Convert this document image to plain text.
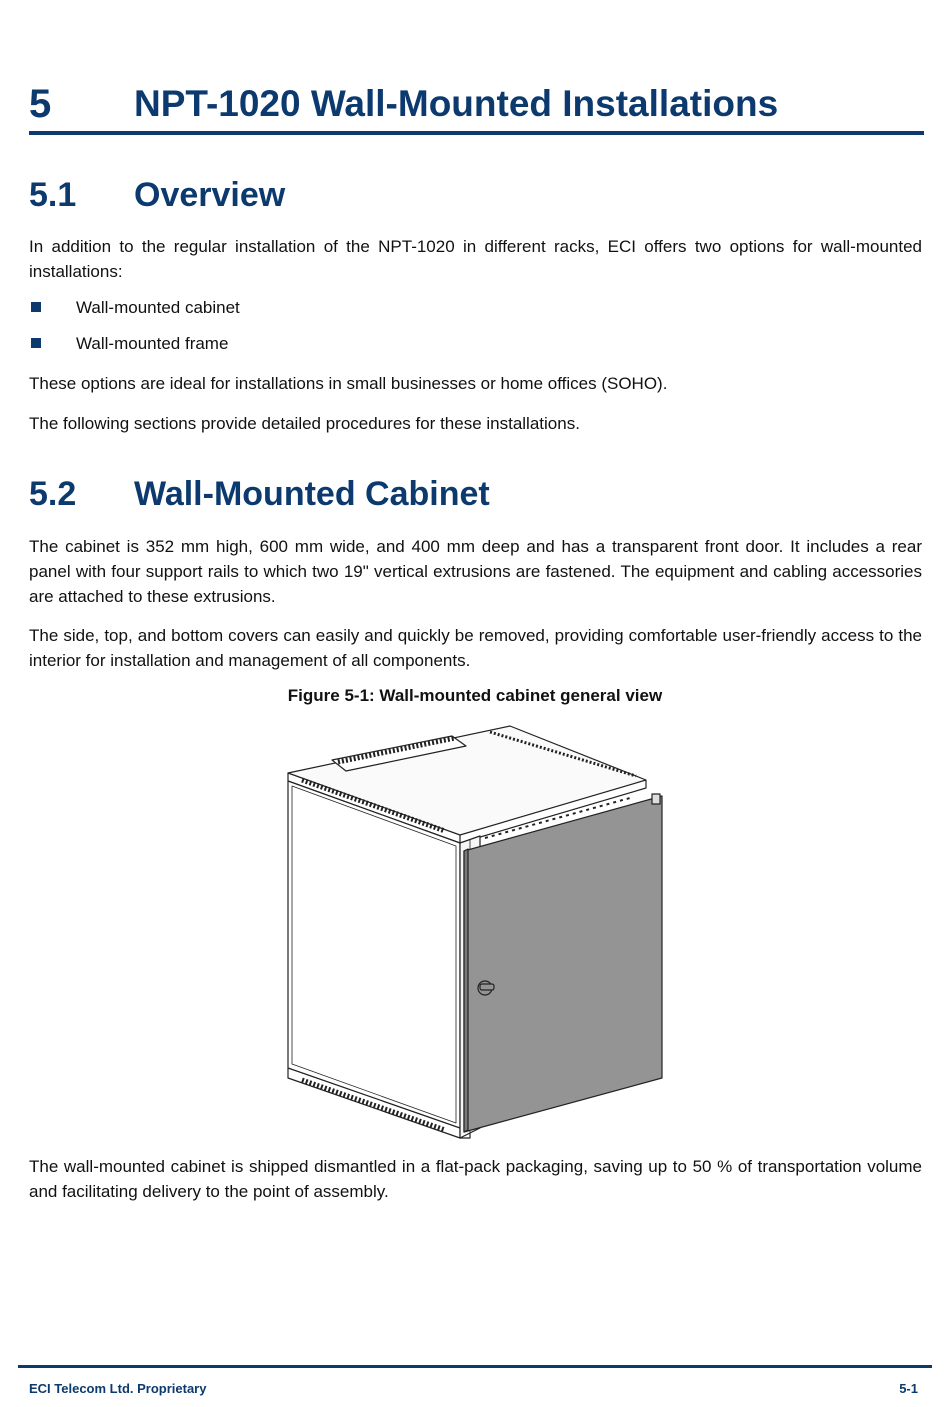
5 NPT-1020 Wall-Mounted Installations
5.1 Overview
In addition to the regular installation of the NPT-1020 in different racks, ECI offers two options for wall-mounted installations:
Wall-mounted cabinet
Wall-mounted frame
These options are ideal for installations in small businesses or home offices (SOHO).
The following sections provide detailed procedures for these installations.
5.2 Wall-Mounted Cabinet
The cabinet is 352 mm high, 600 mm wide, and 400 mm deep and has a transparent front door. It includes a rear panel with four support rails to which two 19" vertical extrusions are fastened. The equipment and cabling accessories are attached to these extrusions.
The side, top, and bottom covers can easily and quickly be removed, providing comfortable user-friendly access to the interior for installation and management of all components.
Figure 5-1: Wall-mounted cabinet general view
The wall-mounted cabinet is shipped dismantled in a flat-pack packaging, saving up to 50 % of transportation volume and facilitating delivery to the point of assembly.
ECI Telecom Ltd. Proprietary	5-1
